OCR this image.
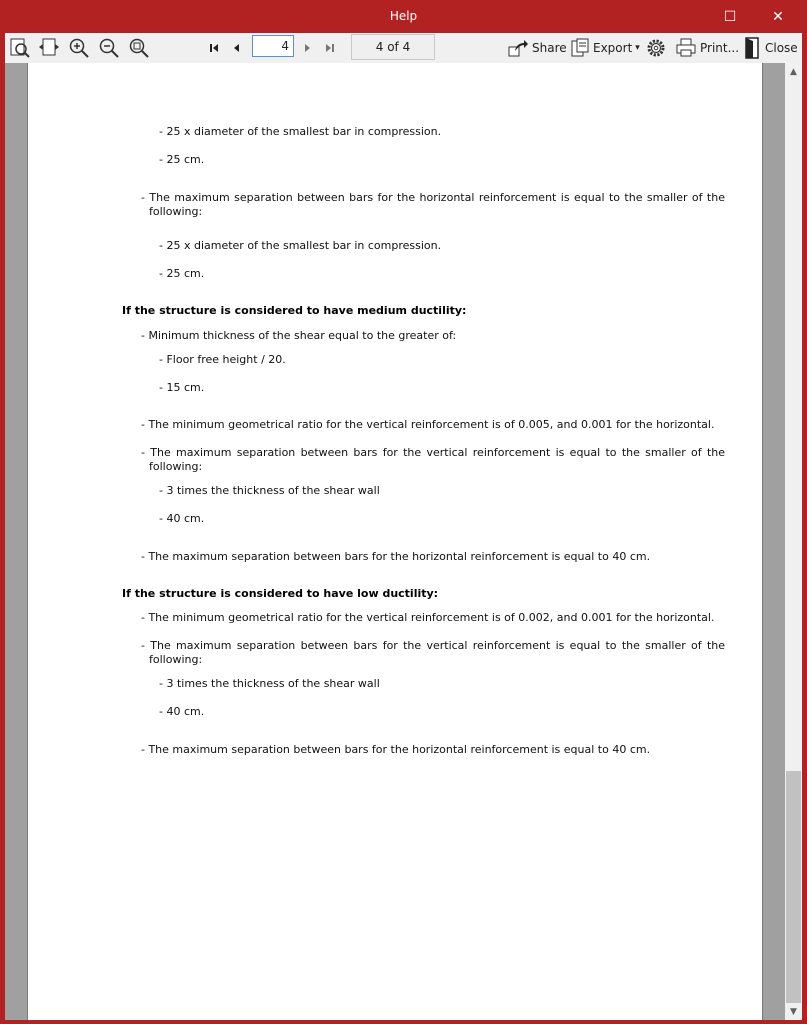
Help	☐	✕
4	4 of 4	Share Export ▾	Print... Close
- 25 x diameter of the smallest bar in compression.
- 25 cm.
- The maximum separation between bars for the horizontal reinforcement is equal to the smaller of the
following:
- 25 x diameter of the smallest bar in compression.
- 25 cm.
If the structure is considered to have medium ductility:
- Minimum thickness of the shear equal to the greater of:
- Floor free height / 20.
- 15 cm.
- The minimum geometrical ratio for the vertical reinforcement is of 0.005, and 0.001 for the horizontal.
- The maximum separation between bars for the vertical reinforcement is equal to the smaller of the
following:
- 3 times the thickness of the shear wall
- 40 cm.
- The maximum separation between bars for the horizontal reinforcement is equal to 40 cm.
If the structure is considered to have low ductility:
- The minimum geometrical ratio for the vertical reinforcement is of 0.002, and 0.001 for the horizontal.
- The maximum separation between bars for the vertical reinforcement is equal to the smaller of the
following:
- 3 times the thickness of the shear wall
- 40 cm.
- The maximum separation between bars for the horizontal reinforcement is equal to 40 cm.
▲
▼
